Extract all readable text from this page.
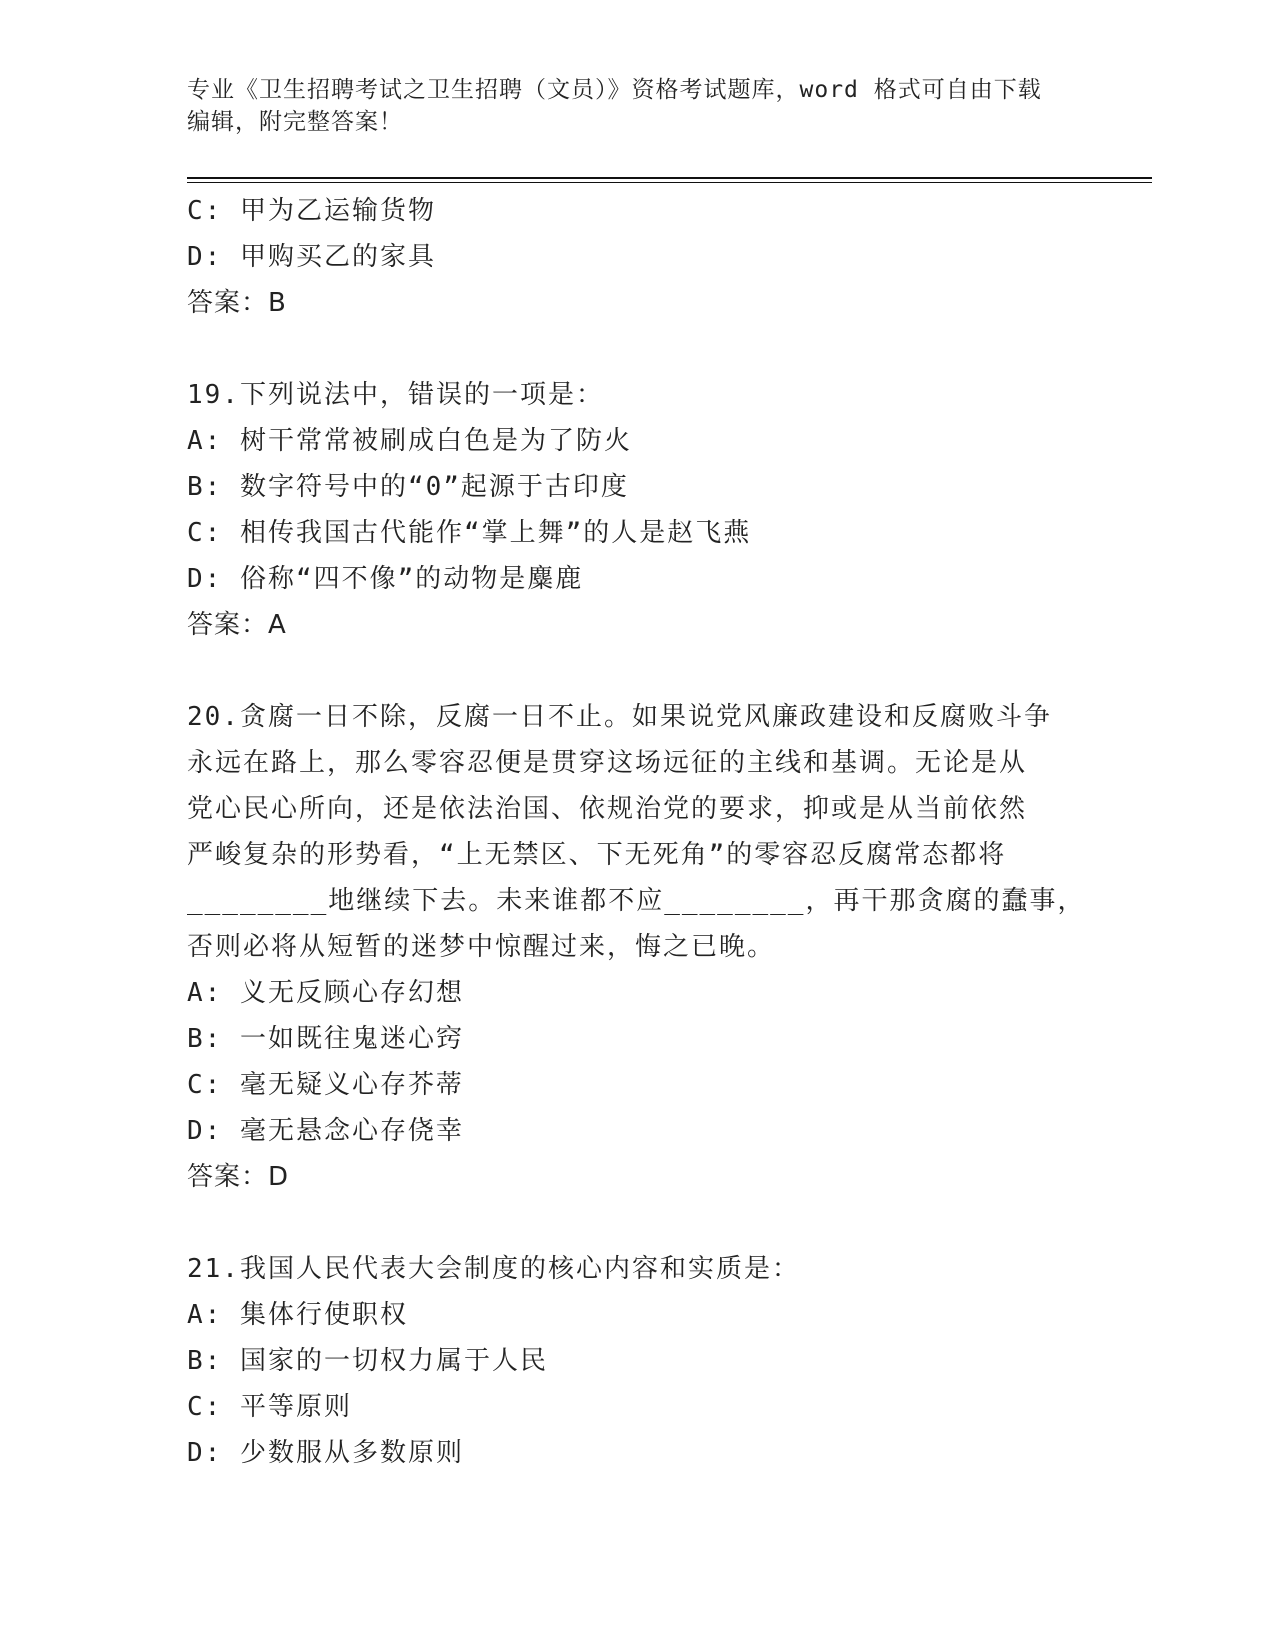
专业《卫生招聘考试之卫生招聘（文员）》资格考试题库，word 格式可自由下载
编辑，附完整答案！
C: 甲为乙运输货物
D: 甲购买乙的家具
答案：B
19.下列说法中，错误的一项是：
A: 树干常常被刷成白色是为了防火
B: 数字符号中的“0”起源于古印度
C: 相传我国古代能作“掌上舞”的人是赵飞燕
D: 俗称“四不像”的动物是麋鹿
答案：A
20.贪腐一日不除，反腐一日不止。如果说党风廉政建设和反腐败斗争
永远在路上，那么零容忍便是贯穿这场远征的主线和基调。无论是从
党心民心所向，还是依法治国、依规治党的要求，抑或是从当前依然
严峻复杂的形势看，“上无禁区、下无死角”的零容忍反腐常态都将
________地继续下去。未来谁都不应________，再干那贪腐的蠢事，
否则必将从短暂的迷梦中惊醒过来，悔之已晚。
A: 义无反顾心存幻想
B: 一如既往鬼迷心窍
C: 毫无疑义心存芥蒂
D: 毫无悬念心存侥幸
答案：D
21.我国人民代表大会制度的核心内容和实质是：
A: 集体行使职权
B: 国家的一切权力属于人民
C: 平等原则
D: 少数服从多数原则
